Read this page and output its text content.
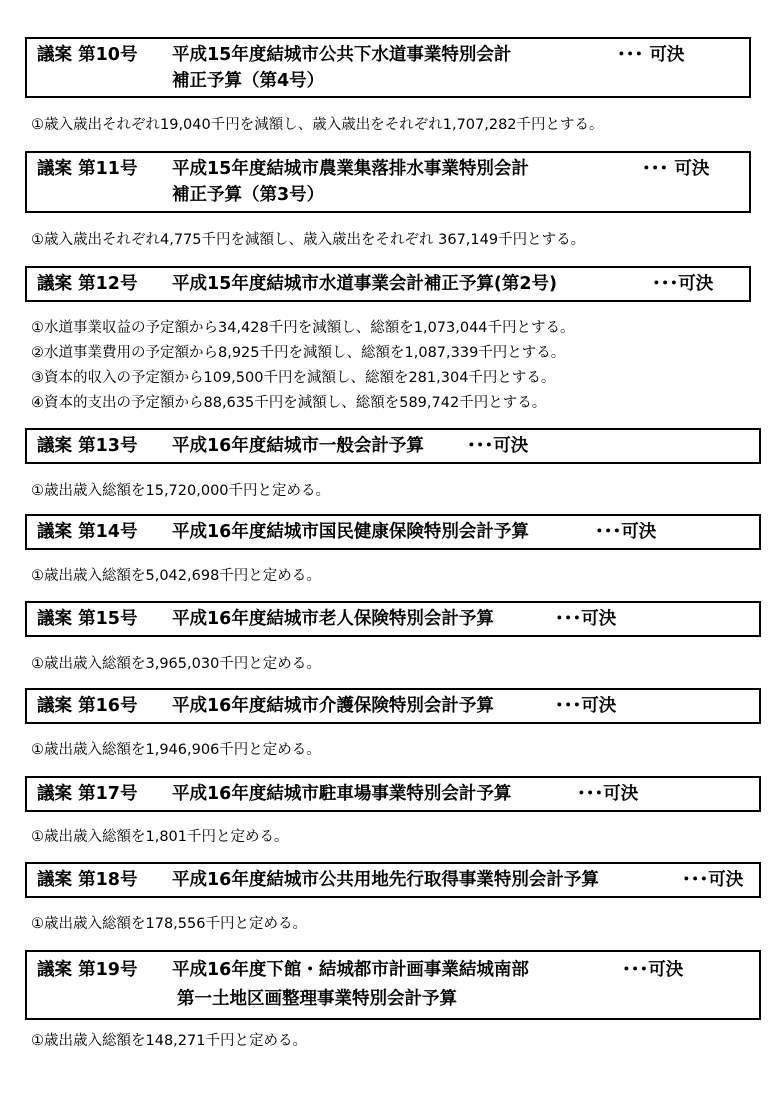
議案 第10号 平成15年度結城市公共下水道事業特別会計
補正予算（第4号）
･･･ 可決
①歳入歳出それぞれ19,040千円を減額し、歳入歳出をそれぞれ1,707,282千円とする。
議案 第11号 平成15年度結城市農業集落排水事業特別会計
補正予算（第3号）
･･･ 可決
①歳入歳出それぞれ4,775千円を減額し、歳入歳出をそれぞれ 367,149千円とする。
議案 第12号 平成15年度結城市水道事業会計補正予算(第2号)	･･･可決
①水道事業収益の予定額から34,428千円を減額し、総額を1,073,044千円とする。
②水道事業費用の予定額から8,925千円を減額し、総額を1,087,339千円とする。
③資本的収入の予定額から109,500千円を減額し、総額を281,304千円とする。
④資本的支出の予定額から88,635千円を減額し、総額を589,742千円とする。
議案 第13号 平成16年度結城市一般会計予算 ･･･可決
①歳出歳入総額を15,720,000千円と定める。
議案 第14号 平成16年度結城市国民健康保険特別会計予算	･･･可決
①歳出歳入総額を5,042,698千円と定める。
議案 第15号 平成16年度結城市老人保険特別会計予算	･･･可決
①歳出歳入総額を3,965,030千円と定める。
議案 第16号 平成16年度結城市介護保険特別会計予算	･･･可決
①歳出歳入総額を1,946,906千円と定める。
議案 第17号 平成16年度結城市駐車場事業特別会計予算	･･･可決
①歳出歳入総額を1,801千円と定める。
議案 第18号 平成16年度結城市公共用地先行取得事業特別会計予算	･･･可決
①歳出歳入総額を178,556千円と定める。
議案 第19号 平成16年度下館・結城都市計画事業結城南部
第一土地区画整理事業特別会計予算
･･･可決
①歳出歳入総額を148,271千円と定める。
